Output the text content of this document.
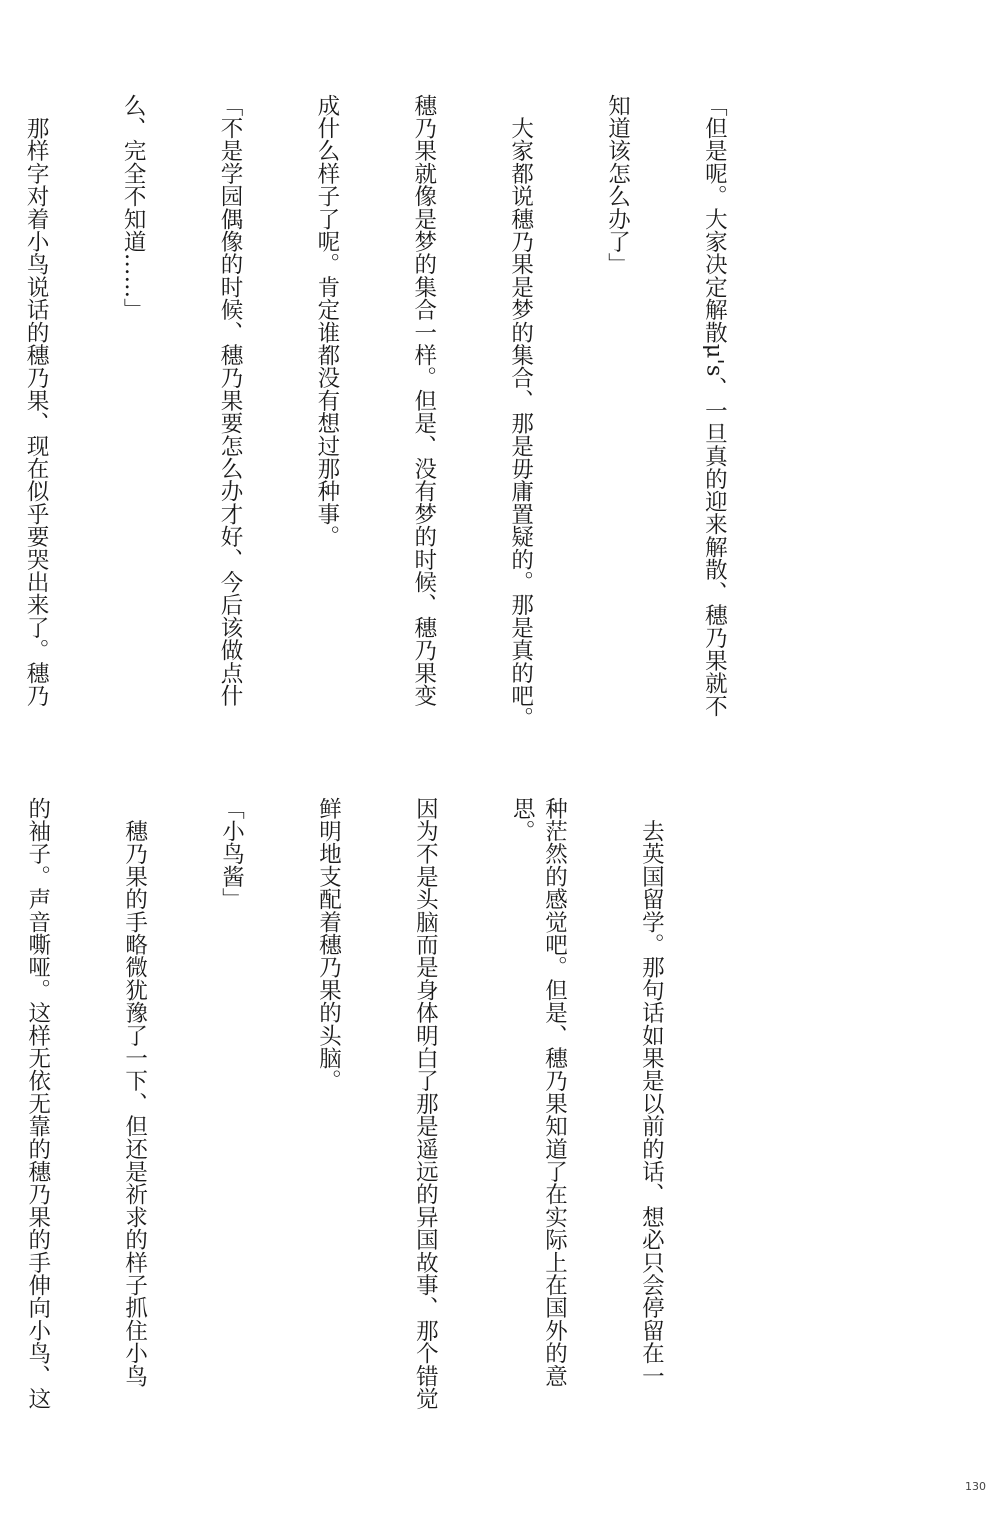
「但是呢。大家决定解散μ's、一旦真的迎来解散、穗乃果就不

知道该怎么办了」

　大家都说穗乃果是梦的集合、那是毋庸置疑的。那是真的吧。

穗乃果就像是梦的集合一样。但是、没有梦的时候、穗乃果变

成什么样子了呢。肯定谁都没有想过那种事。

「不是学园偶像的时候、穗乃果要怎么办才好、今后该做点什

么、完全不知道……」

　那样字对着小鸟说话的穗乃果、现在似乎要哭出来了。穗乃

　去英国留学。那句话如果是以前的话、想必只会停留在一

种茫然的感觉吧。但是、穗乃果知道了在实际上在国外的意思。

因为不是头脑而是身体明白了那是遥远的异国故事、那个错觉

鲜明地支配着穗乃果的头脑。

「小鸟酱」

　穗乃果的手略微犹豫了一下、但还是祈求的样子抓住小鸟

的袖子。声音嘶哑。这样无依无靠的穗乃果的手伸向小鸟、这

130
